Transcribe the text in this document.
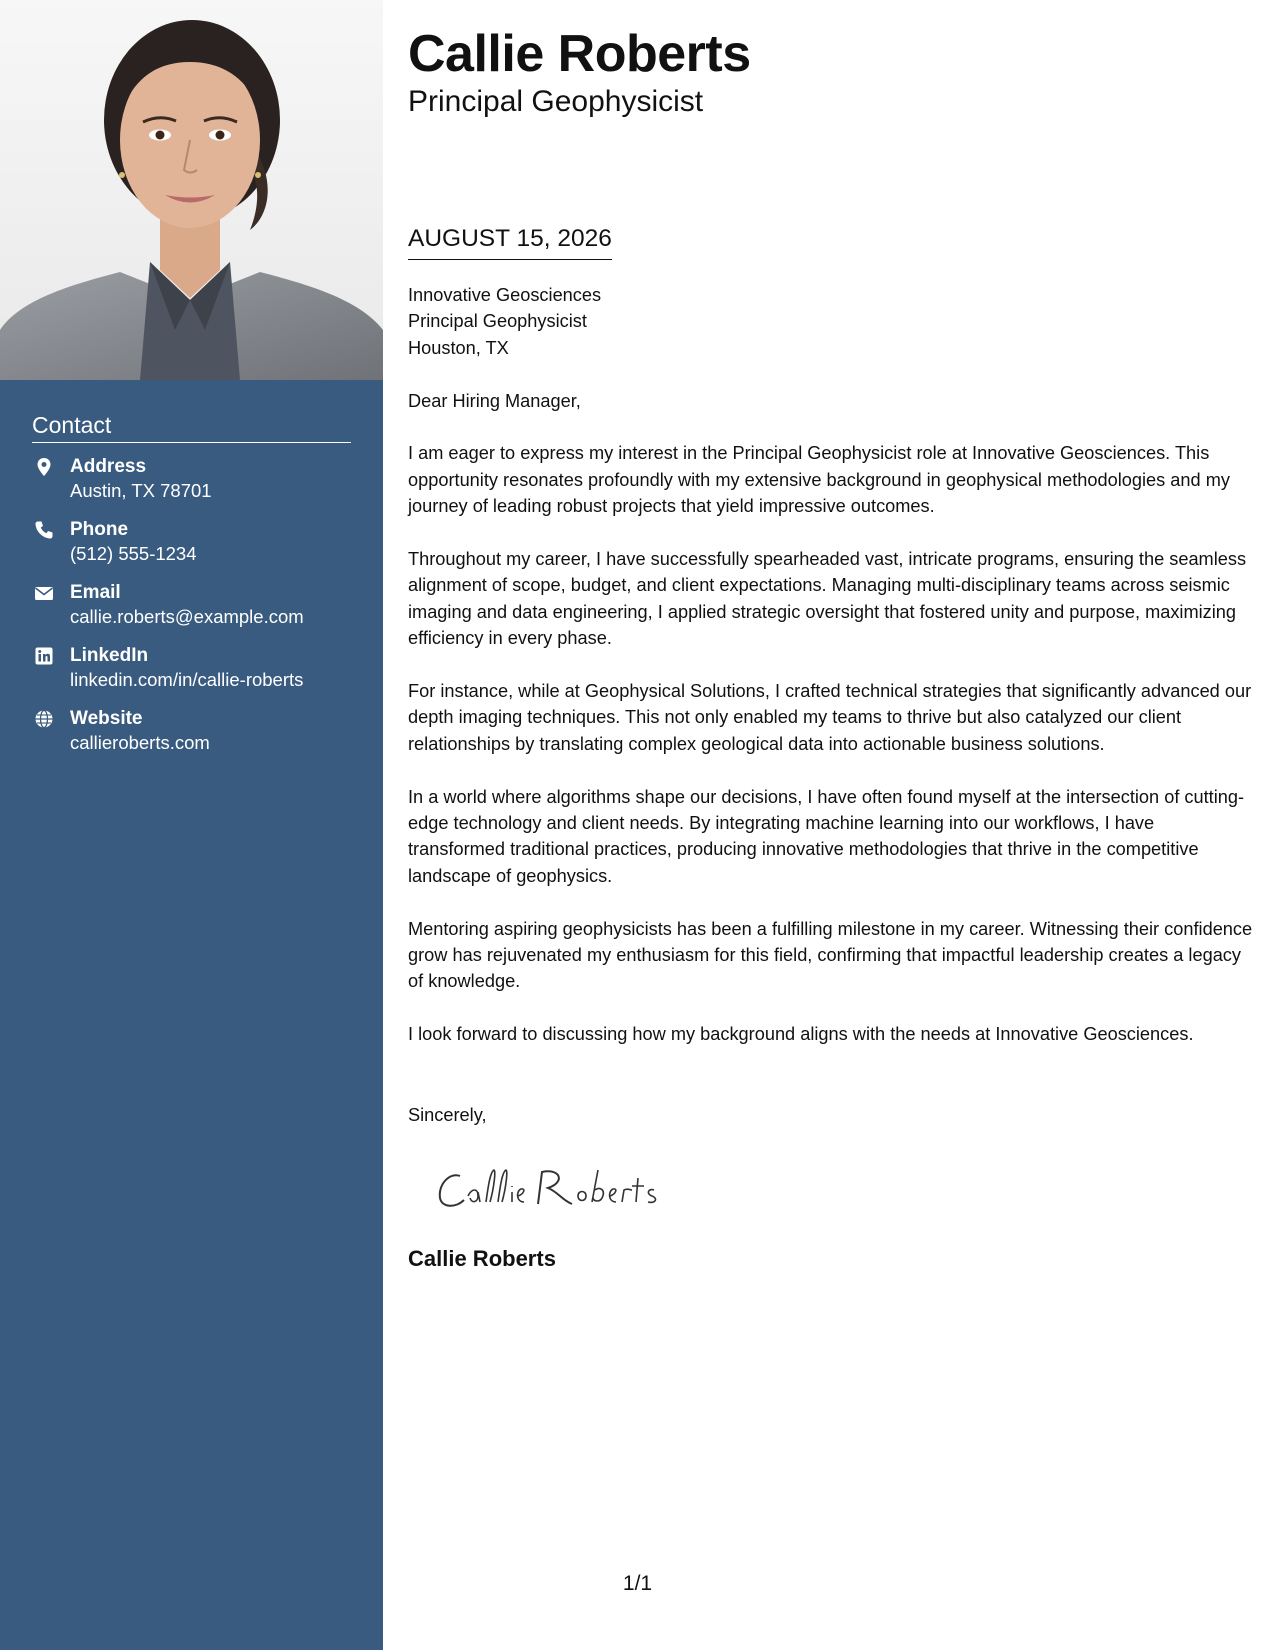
Contact
Address
Austin, TX 78701
Phone
(512) 555-1234
Email
callie.roberts@example.com
LinkedIn
linkedin.com/in/callie-roberts
Website
callieroberts.com
Callie Roberts
Principal Geophysicist
AUGUST 15, 2026
Innovative Geosciences
Principal Geophysicist
Houston, TX

Dear Hiring Manager,

I am eager to express my interest in the Principal Geophysicist role at Innovative Geosciences. This opportunity resonates profoundly with my extensive background in geophysical methodologies and my journey of leading robust projects that yield impressive outcomes.

Throughout my career, I have successfully spearheaded vast, intricate programs, ensuring the seamless alignment of scope, budget, and client expectations. Managing multi-disciplinary teams across seismic imaging and data engineering, I applied strategic oversight that fostered unity and purpose, maximizing efficiency in every phase.

For instance, while at Geophysical Solutions, I crafted technical strategies that significantly advanced our depth imaging techniques. This not only enabled my teams to thrive but also catalyzed our client relationships by translating complex geological data into actionable business solutions.

In a world where algorithms shape our decisions, I have often found myself at the intersection of cutting-edge technology and client needs. By integrating machine learning into our workflows, I have transformed traditional practices, producing innovative methodologies that thrive in the competitive landscape of geophysics.

Mentoring aspiring geophysicists has been a fulfilling milestone in my career. Witnessing their confidence grow has rejuvenated my enthusiasm for this field, confirming that impactful leadership creates a legacy of knowledge.

I look forward to discussing how my background aligns with the needs at Innovative Geosciences.

Sincerely,
Callie Roberts
1/1
